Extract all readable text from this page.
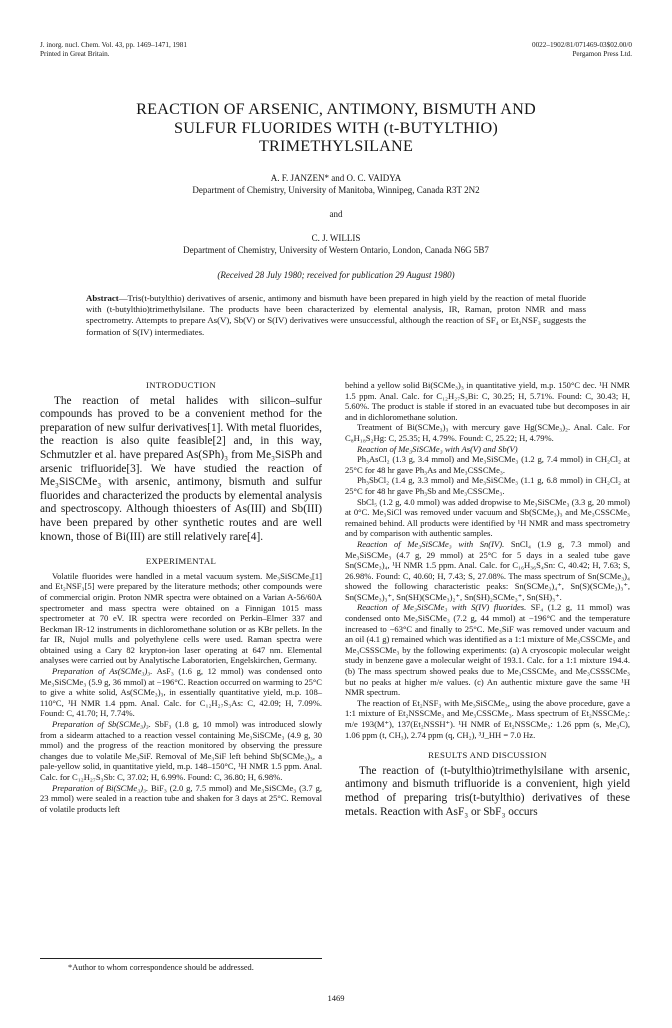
J. inorg. nucl. Chem. Vol. 43, pp. 1469–1471, 1981
Printed in Great Britain.
0022–1902/81/071469-03$02.00/0
Pergamon Press Ltd.
REACTION OF ARSENIC, ANTIMONY, BISMUTH AND
SULFUR FLUORIDES WITH (t-BUTYLTHIO)
TRIMETHYLSILANE
A. F. JANZEN* and O. C. VAIDYA
Department of Chemistry, University of Manitoba, Winnipeg, Canada R3T 2N2
and
C. J. WILLIS
Department of Chemistry, University of Western Ontario, London, Canada N6G 5B7
(Received 28 July 1980; received for publication 29 August 1980)
Abstract—Tris(t-butylthio) derivatives of arsenic, antimony and bismuth have been prepared in high yield by the reaction of metal fluoride with (t-butylthio)trimethylsilane. The products have been characterized by elemental analysis, IR, Raman, proton NMR and mass spectrometry. Attempts to prepare As(V), Sb(V) or S(IV) derivatives were unsuccessful, although the reaction of SF₄ or Et₂NSF₃ suggests the formation of S(IV) intermediates.
INTRODUCTION

The reaction of metal halides with silicon–sulfur compounds has proved to be a convenient method for the preparation of new sulfur derivatives[1]. With metal fluorides, the reaction is also quite feasible[2] and, in this way, Schmutzler et al. have prepared As(SPh)₃ from Me₃SiSPh and arsenic trifluoride[3]. We have studied the reaction of Me₃SiSCMe₃ with arsenic, antimony, bismuth and sulfur fluorides and characterized the products by elemental analysis and spectroscopy. Although thioesters of As(III) and Sb(III) have been prepared by other synthetic routes and are well known, those of Bi(III) are still relatively rare[4].

EXPERIMENTAL

Volatile fluorides were handled in a metal vacuum system. Me₃SiSCMe₃[1] and Et₂NSF₃[5] were prepared by the literature methods; other compounds were of commercial origin. Proton NMR spectra were obtained on a Varian A-56/60A spectrometer and mass spectra were obtained on a Finnigan 1015 mass spectrometer at 70 eV. IR spectra were recorded on Perkin–Elmer 337 and Beckman IR-12 instruments in dichloromethane solution or as KBr pellets. In the far IR, Nujol mulls and polyethylene cells were used. Raman spectra were obtained using a Cary 82 krypton-ion laser operating at 647 nm. Elemental analyses were carried out by Analytische Laboratorien, Engelskirchen, Germany.

Preparation of As(SCMe₃)₃. AsF₃ (1.6 g, 12 mmol) was condensed onto Me₃SiSCMe₃ (5.9 g, 36 mmol) at −196°C. Reaction occurred on warming to 25°C to give a white solid, As(SCMe₃)₃, in essentially quantitative yield, m.p. 108–110°C, ¹H NMR 1.4 ppm. Anal. Calc. for C₁₂H₂₇S₃As: C, 42.09; H, 7.09%. Found: C, 41.70; H, 7.74%.

Preparation of Sb(SCMe₃)₃. SbF₃ (1.8 g, 10 mmol) was introduced slowly from a sidearm attached to a reaction vessel containing Me₃SiSCMe₃ (4.9 g, 30 mmol) and the progress of the reaction monitored by observing the pressure changes due to volatile Me₃SiF. Removal of Me₃SiF left behind Sb(SCMe₃)₃, a pale-yellow solid, in quantitative yield, m.p. 148–150°C, ¹H NMR 1.5 ppm. Anal. Calc. for C₁₂H₂₇S₃Sb: C, 37.02; H, 6.99%. Found: C, 36.80; H, 6.98%.

Preparation of Bi(SCMe₃)₃. BiF₃ (2.0 g, 7.5 mmol) and Me₃SiSCMe₃ (3.7 g, 23 mmol) were sealed in a reaction tube and shaken for 3 days at 25°C. Removal of volatile products left

behind a yellow solid Bi(SCMe₃)₃ in quantitative yield, m.p. 150°C dec. ¹H NMR 1.5 ppm. Anal. Calc. for C₁₂H₂₇S₃Bi: C, 30.25; H, 5.71%. Found: C, 30.43; H, 5.60%. The product is stable if stored in an evacuated tube but decomposes in air and in dichloromethane solution.

Treatment of Bi(SCMe₃)₃ with mercury gave Hg(SCMe₃)₂. Anal. Calc. For C₈H₁₈S₂Hg: C, 25.35; H, 4.79%. Found: C, 25.22; H, 4.79%.

Reaction of Me₃SiSCMe₃ with As(V) and Sb(V)

Ph₃AsCl₂ (1.3 g, 3.4 mmol) and Me₃SiSCMe₃ (1.2 g, 7.4 mmol) in CH₂Cl₂ at 25°C for 48 hr gave Ph₃As and Me₃CSSCMe₃.

Ph₃SbCl₂ (1.4 g, 3.3 mmol) and Me₃SiSCMe₃ (1.1 g, 6.8 mmol) in CH₂Cl₂ at 25°C for 48 hr gave Ph₃Sb and Me₃CSSCMe₃.

SbCl₅ (1.2 g, 4.0 mmol) was added dropwise to Me₃SiSCMe₃ (3.3 g, 20 mmol) at 0°C. Me₃SiCl was removed under vacuum and Sb(SCMe₃)₃ and Me₃CSSCMe₃ remained behind. All products were identified by ¹H NMR and mass spectrometry and by comparison with authentic samples.

Reaction of Me₃SiSCMe₃ with Sn(IV). SnCl₄ (1.9 g, 7.3 mmol) and Me₃SiSCMe₃ (4.7 g, 29 mmol) at 25°C for 5 days in a sealed tube gave Sn(SCMe₃)₄, ¹H NMR 1.5 ppm. Anal. Calc. for C₁₆H₃₆S₄Sn: C, 40.42; H, 7.63; S, 26.98%. Found: C, 40.60; H, 7.43; S, 27.08%. The mass spectrum of Sn(SCMe₃)₄ showed the following characteristic peaks: Sn(SCMe₃)₄⁺, Sn(S)(SCMe₃)₃⁺, Sn(SCMe₃)₃⁺, Sn(SH)(SCMe₃)₂⁺, Sn(SH)₂SCMe₃⁺, Sn(SH)₃⁺.

Reaction of Me₃SiSCMe₃ with S(IV) fluorides. SF₄ (1.2 g, 11 mmol) was condensed onto Me₃SiSCMe₃ (7.2 g, 44 mmol) at −196°C and the temperature increased to −63°C and finally to 25°C. Me₃SiF was removed under vacuum and an oil (4.1 g) remained which was identified as a 1:1 mixture of Me₃CSSCMe₃ and Me₃CSSSCMe₃ by the following experiments: (a) A cryoscopic molecular weight study in benzene gave a molecular weight of 193.1. Calc. for a 1:1 mixture 194.4. (b) The mass spectrum showed peaks due to Me₃CSSCMe₃ and Me₃CSSSCMe₃ but no peaks at higher m/e values. (c) An authentic mixture gave the same ¹H NMR spectrum.

The reaction of Et₂NSF₃ with Me₃SiSCMe₃, using the above procedure, gave a 1:1 mixture of Et₂NSSCMe₃ and Me₃CSSCMe₃. Mass spectrum of Et₂NSSCMe₃: m/e 193(M⁺), 137(Et₂NSSH⁺). ¹H NMR of Et₂NSSCMe₃: 1.26 ppm (s, Me₃C), 1.06 ppm (t, CH₃), 2.74 ppm (q, CH₂), ³J_HH = 7.0 Hz.

RESULTS AND DISCUSSION

The reaction of (t-butylthio)trimethylsilane with arsenic, antimony and bismuth trifluoride is a convenient, high yield method of preparing tris(t-butylthio) derivatives of these metals. Reaction with AsF₃ or SbF₃ occurs

*Author to whom correspondence should be addressed.
1469
